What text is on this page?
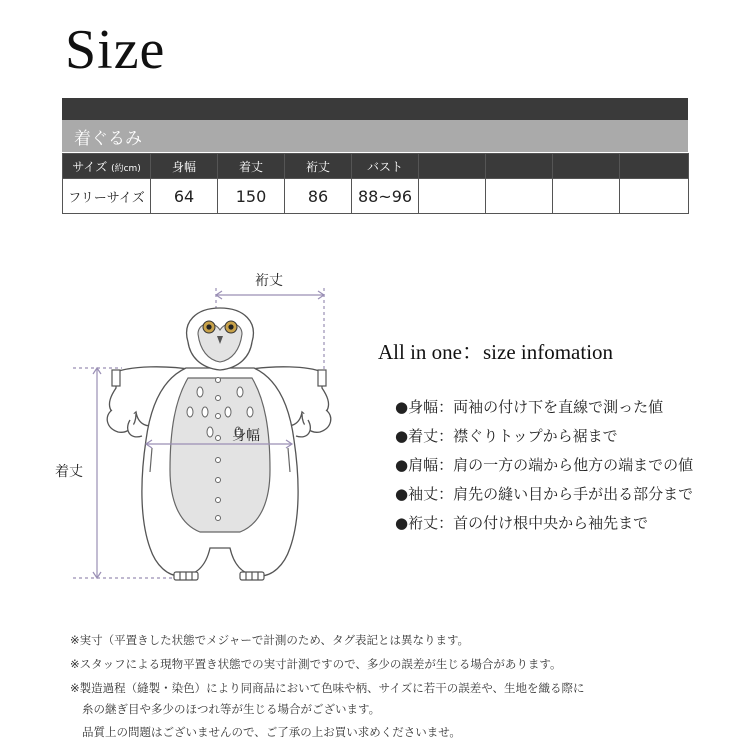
Size
着ぐるみ
サイズ (約cm)	身幅	着丈	裄丈	バスト				
フリーサイズ	64	150	86	88~96				
裄丈
身幅
着丈
All in one：size infomation
●身幅：両袖の付け下を直線で測った値
●着丈：襟ぐりトップから裾まで
●肩幅：肩の一方の端から他方の端までの値
●袖丈：肩先の縫い目から手が出る部分まで
●裄丈：首の付け根中央から袖先まで
※実寸（平置きした状態でメジャーで計測のため、タグ表記とは異なります。
※スタッフによる現物平置き状態での実寸計測ですので、多少の誤差が生じる場合があります。
※製造過程（縫製・染色）により同商品において色味や柄、サイズに若干の誤差や、生地を織る際に
糸の継ぎ目や多少のほつれ等が生じる場合がございます。
品質上の問題はございませんので、ご了承の上お買い求めくださいませ。
